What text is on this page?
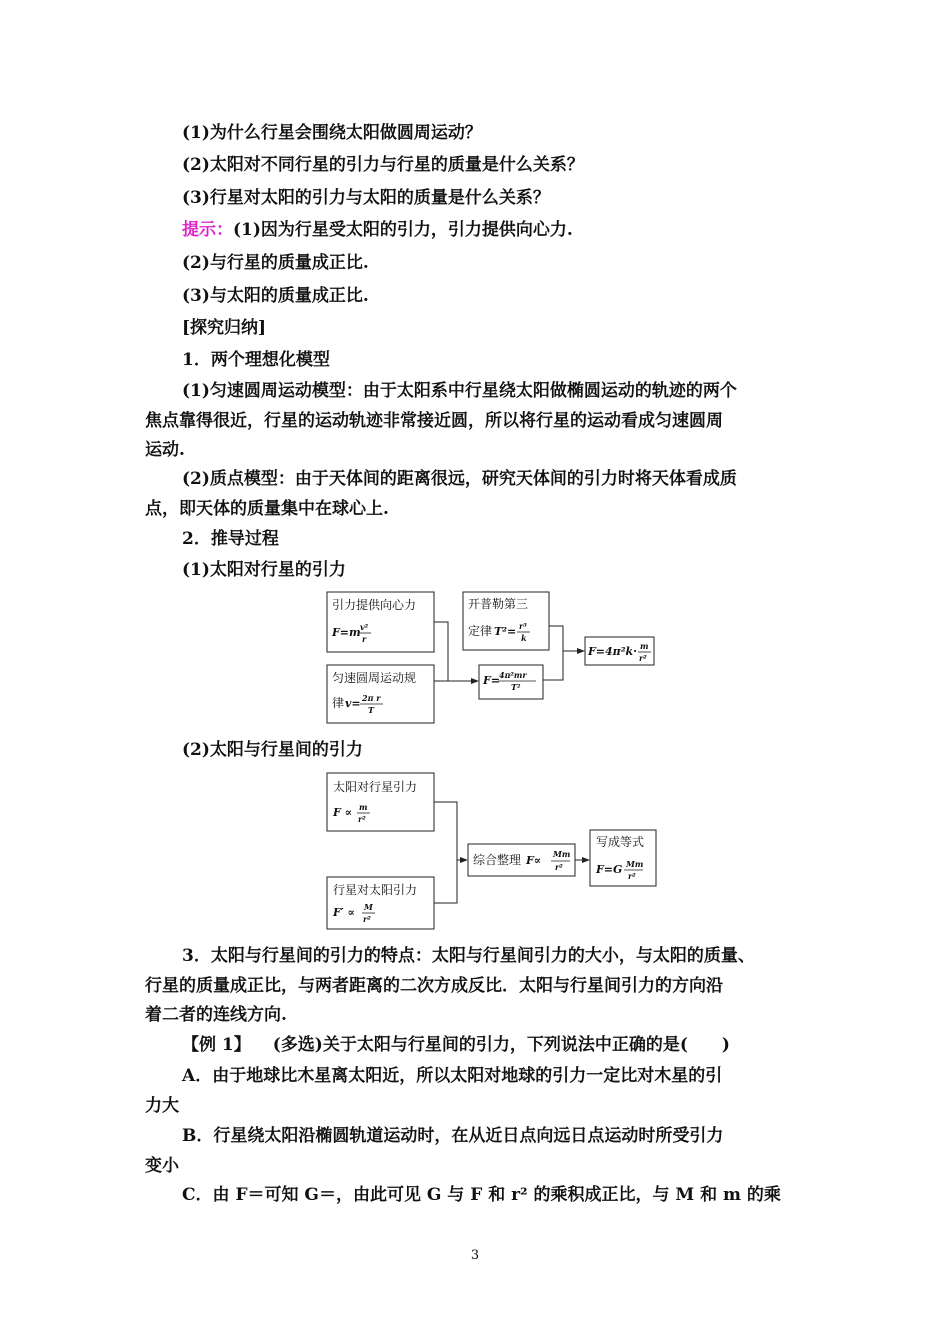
(1)为什么行星会围绕太阳做圆周运动？
(2)太阳对不同行星的引力与行星的质量是什么关系？
(3)行星对太阳的引力与太阳的质量是什么关系？
提示：(1)因为行星受太阳的引力，引力提供向心力.
(2)与行星的质量成正比.
(3)与太阳的质量成正比.
[探究归纳]
1．两个理想化模型
(1)匀速圆周运动模型：由于太阳系中行星绕太阳做椭圆运动的轨迹的两个
焦点靠得很近，行星的运动轨迹非常接近圆，所以将行星的运动看成匀速圆周
运动.
(2)质点模型：由于天体间的距离很远，研究天体间的引力时将天体看成质
点，即天体的质量集中在球心上.
2．推导过程
(1)太阳对行星的引力
引力提供向心力
F=m v²
r
开普勒第三
定律 T²= r³
k
匀速圆周运动规
律 v= 2π r
T
F=
4π²mr
T²
F=4π²k· m
r²
(2)太阳与行星间的引力
太阳对行星引力
F ∝ m
r²
行星对太阳引力
F′ ∝ M
r²
综合整理 F∝ Mm
r²
写成等式
F=G Mm
r²
3．太阳与行星间的引力的特点：太阳与行星间引力的大小，与太阳的质量、
行星的质量成正比，与两者距离的二次方成反比．太阳与行星间引力的方向沿
着二者的连线方向.
【例 1】 (多选)关于太阳与行星间的引力，下列说法中正确的是(　　)
A．由于地球比木星离太阳近，所以太阳对地球的引力一定比对木星的引
力大
B．行星绕太阳沿椭圆轨道运动时，在从近日点向远日点运动时所受引力
变小
C．由 F＝可知 G＝，由此可见 G 与 F 和 r² 的乘积成正比，与 M 和 m 的乘
3
